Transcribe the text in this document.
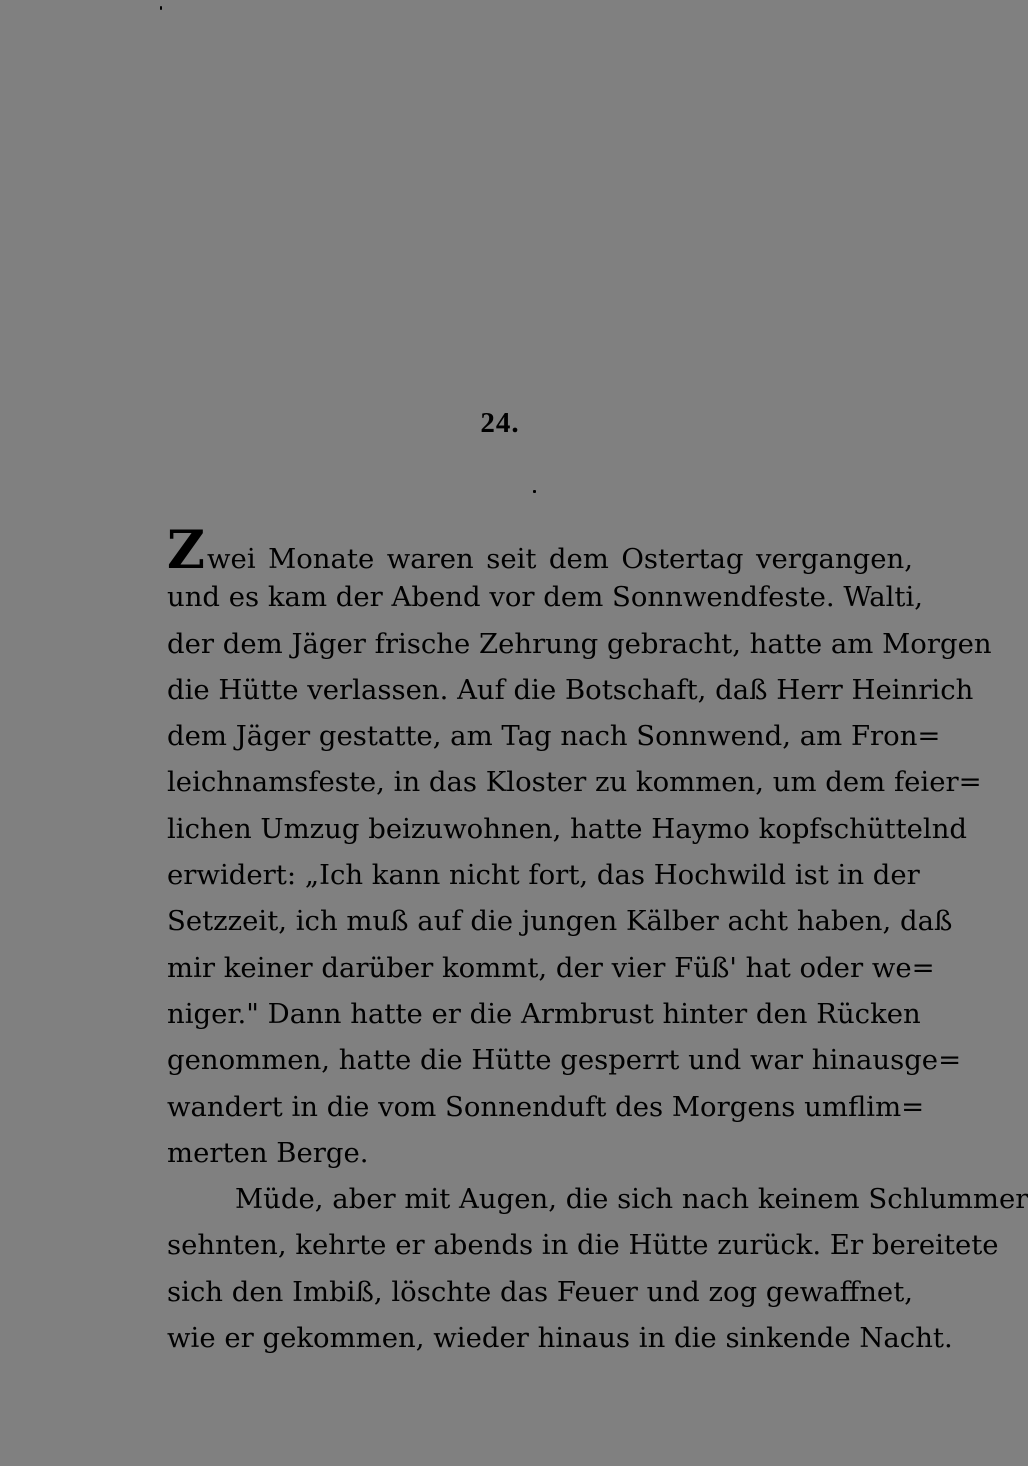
24.
Z wei Monate waren seit dem Ostertag vergangen,
und es kam der Abend vor dem Sonnwendfeste. Walti,
der dem Jäger frische Zehrung gebracht, hatte am Morgen
die Hütte verlassen. Auf die Botschaft, daß Herr Heinrich
dem Jäger gestatte, am Tag nach Sonnwend, am Fron=
leichnamsfeste, in das Kloster zu kommen, um dem feier=
lichen Umzug beizuwohnen, hatte Haymo kopfschüttelnd
erwidert: „Ich kann nicht fort, das Hochwild ist in der
Setzzeit, ich muß auf die jungen Kälber acht haben, daß
mir keiner darüber kommt, der vier Füß' hat oder we=
niger." Dann hatte er die Armbrust hinter den Rücken
genommen, hatte die Hütte gesperrt und war hinausge=
wandert in die vom Sonnenduft des Morgens umflim=
merten Berge.
Müde, aber mit Augen, die sich nach keinem Schlummer
sehnten, kehrte er abends in die Hütte zurück. Er bereitete
sich den Imbiß, löschte das Feuer und zog gewaffnet,
wie er gekommen, wieder hinaus in die sinkende Nacht.
